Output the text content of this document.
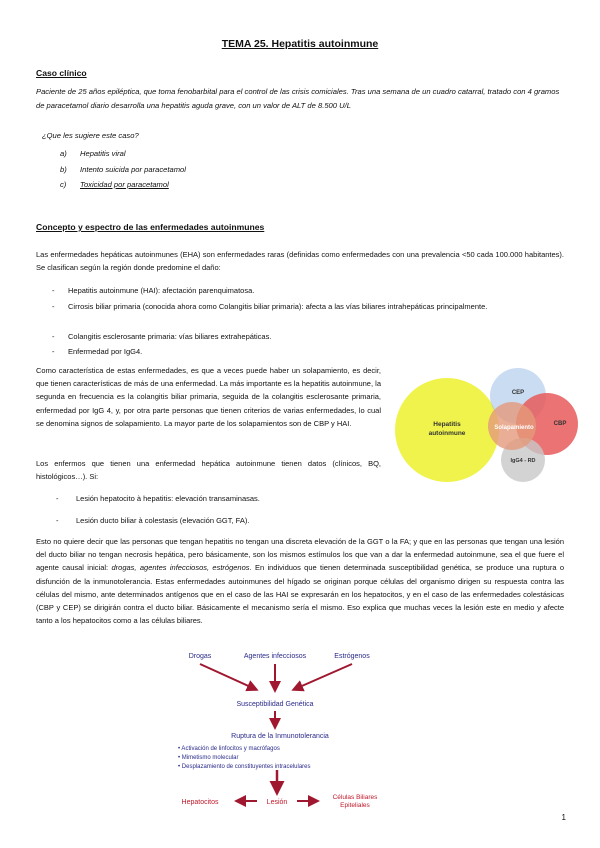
TEMA 25. Hepatitis autoinmune
Caso clínico
Paciente de 25 años epiléptica, que toma fenobarbital para el control de las crisis comiciales. Tras una semana de un cuadro catarral, tratado con 4 gramos de paracetamol diario desarrolla una hepatitis aguda grave, con un valor de ALT de 8.500 U/L
¿Que les sugiere este caso?
a) Hepatitis viral
b) Intento suicida por paracetamol
c) Toxicidad por paracetamol
Concepto y espectro de las enfermedades autoinmunes
Las enfermedades hepáticas autoinmunes (EHA) son enfermedades raras (definidas como enfermedades con una prevalencia <50 cada 100.000 habitantes). Se clasifican según la región donde predomine el daño:
- Hepatitis autoinmune (HAI): afectación parenquimatosa.
- Cirrosis biliar primaria (conocida ahora como Colangitis biliar primaria): afecta a las vías biliares intrahepáticas principalmente.
- Colangitis esclerosante primaria: vías biliares extrahepáticas.
- Enfermedad por IgG4.
Como característica de estas enfermedades, es que a veces puede haber un solapamiento, es decir, que tienen características de más de una enfermedad. La más importante es la hepatitis autoinmune, la segunda en frecuencia es la colangitis biliar primaria, seguida de la colangitis esclerosante primaria, enfermedad por IgG 4, y, por otra parte personas que tienen criterios de varias enfermedades, lo cual se denomina signos de solapamiento. La mayor parte de los solapamientos son de CBP y HAI.
Los enfermos que tienen una enfermedad hepática autoinmune tienen datos (clínicos, BQ, histológicos…). Si:
- Lesión hepatocito à hepatitis: elevación transaminasas.
- Lesión ducto biliar à colestasis (elevación GGT, FA).
Esto no quiere decir que las personas que tengan hepatitis no tengan una discreta elevación de la GGT o la FA; y que en las personas que tengan una lesión del ducto biliar no tengan necrosis hepática, pero básicamente, son los mismos estímulos los que van a dar la enfermedad autoinmune, sea el que fuere el agente causal inicial: drogas, agentes infecciosos, estrógenos. En individuos que tienen determinada susceptibilidad genética, se produce una ruptura o disfunción de la inmunotolerancia. Estas enfermedades autoinmunes del hígado se originan porque células del organismo dirigen su respuesta contra las células del mismo, ante determinados antígenos que en el caso de las HAI se expresarán en los hepatocitos, y en el caso de las enfermedades colestásicas (CBP y CEP) se dirigirán contra el ducto biliar. Básicamente el mecanismo sería el mismo. Eso explica que muchas veces la lesión este en medio y afecte tanto a los hepatocitos como a las células biliares.
Hepatitis
autoinmune
CEP
CBP
IgG4 - RD
Solapamiento
Drogas	Agentes infecciosos	Estrógenos
Susceptibilidad Genética
Ruptura de la Inmunotolerancia
• Activación de linfocitos y macrófagos
• Mimetismo molecular
• Desplazamiento de constituyentes intracelulares
Lesión
Hepatocitos
Células Biliares
Epiteliales
1
